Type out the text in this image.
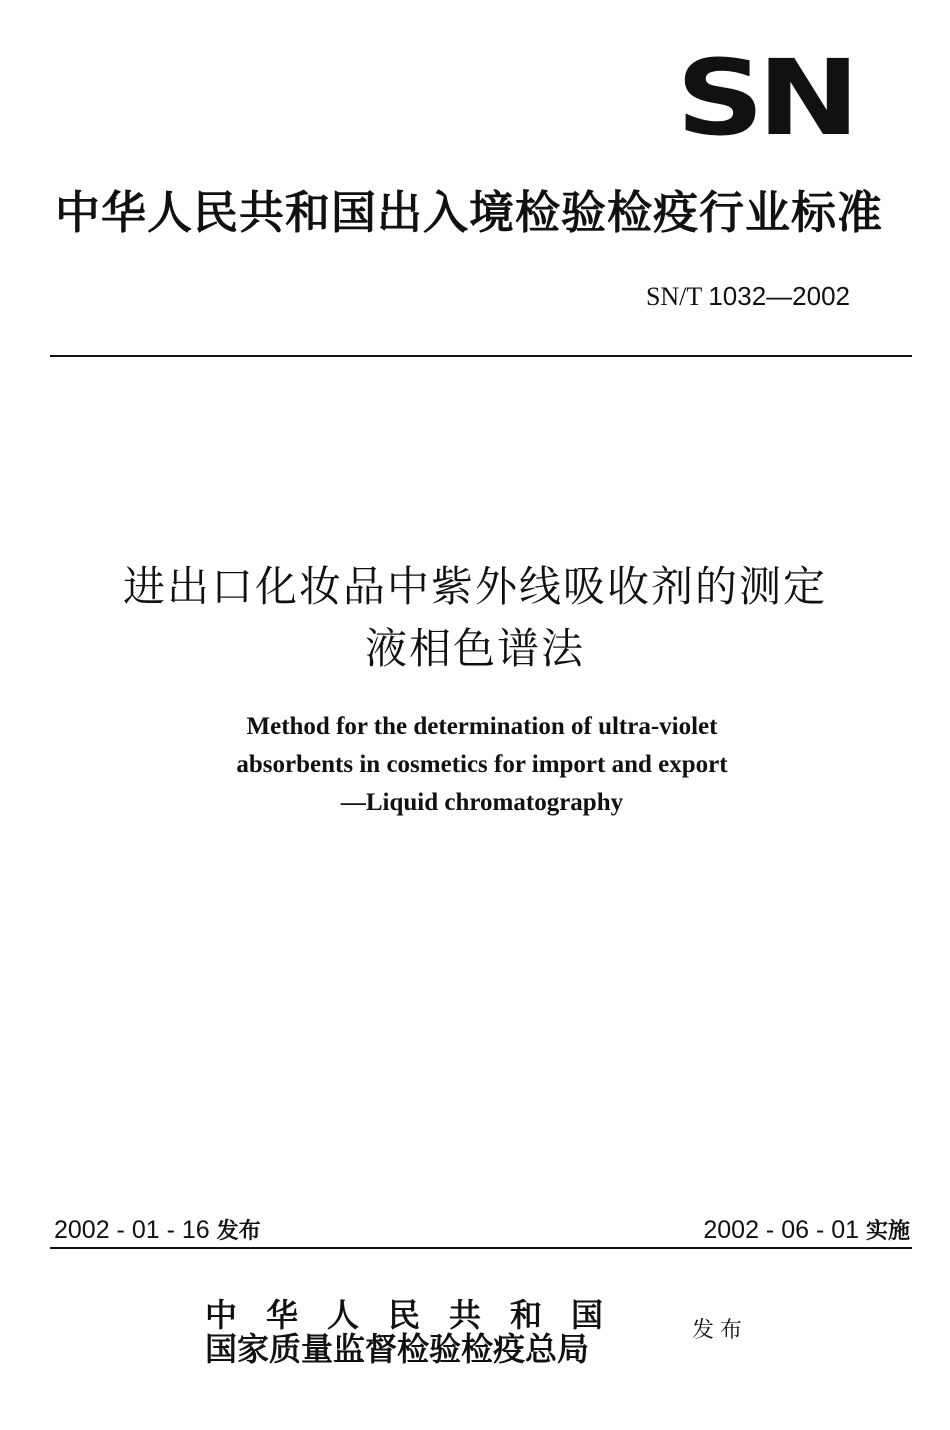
SN
中华人民共和国出入境检验检疫行业标准
SN/T 1032—2002
进出口化妆品中紫外线吸收剂的测定
液相色谱法
Method for the determination of ultra-violet
absorbents in cosmetics for import and export
—Liquid chromatography
2002 - 01 - 16 发布	2002 - 06 - 01 实施
中华人民共和国
国家质量监督检验检疫总局	发布
